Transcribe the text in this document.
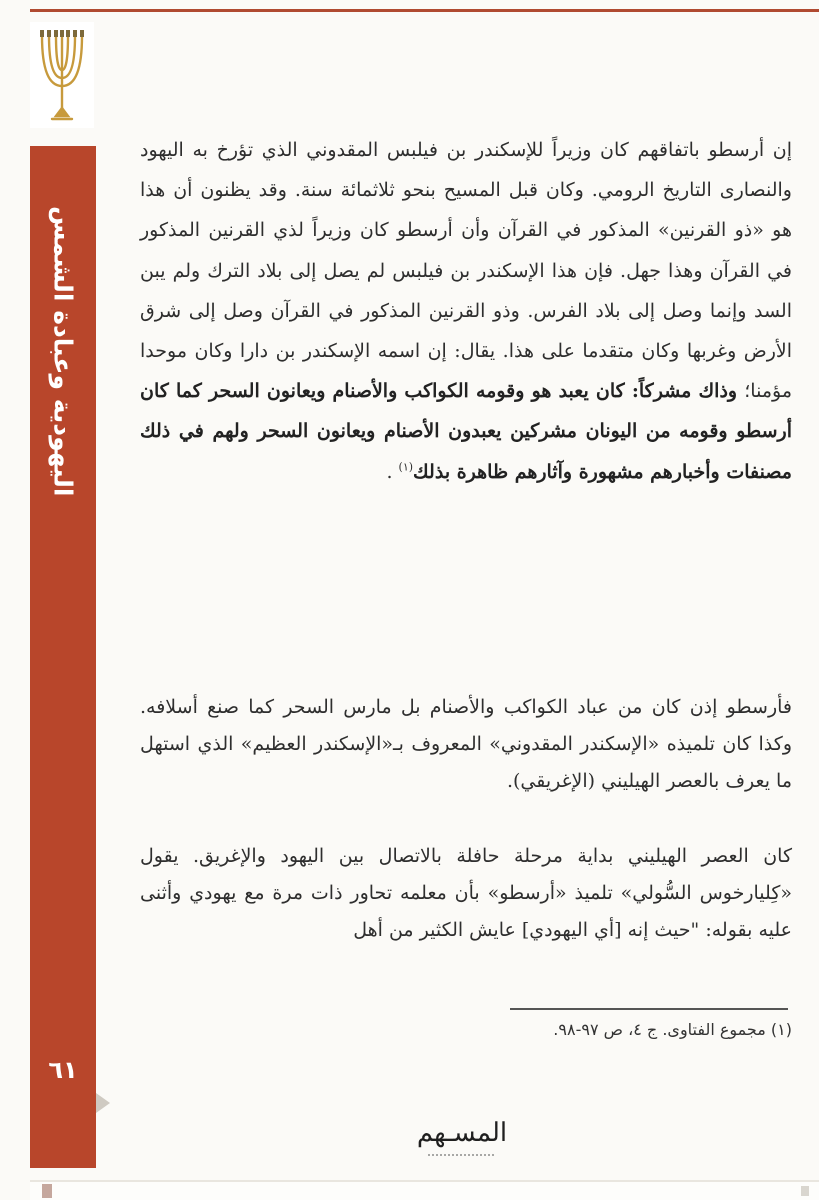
اليهودية وعبادة الشمس
٦١
إن أرسطو باتفاقهم كان وزيراً للإسكندر بن فيلبس المقدوني الذي تؤرخ به اليهود والنصارى التاريخ الرومي. وكان قبل المسيح بنحو ثلاثمائة سنة. وقد يظنون أن هذا هو «ذو القرنين» المذكور في القرآن وأن أرسطو كان وزيراً لذي القرنين المذكور في القرآن وهذا جهل. فإن هذا الإسكندر بن فيلبس لم يصل إلى بلاد الترك ولم يبن السد وإنما وصل إلى بلاد الفرس. وذو القرنين المذكور في القرآن وصل إلى شرق الأرض وغربها وكان متقدما على هذا. يقال: إن اسمه الإسكندر بن دارا وكان موحدا مؤمنا؛ وذاك مشركاً: كان يعبد هو وقومه الكواكب والأصنام ويعانون السحر كما كان أرسطو وقومه من اليونان مشركين يعبدون الأصنام ويعانون السحر ولهم في ذلك مصنفات وأخبارهم مشهورة وآثارهم ظاهرة بذلك$^{(١)}$ .
فأرسطو إذن كان من عباد الكواكب والأصنام بل مارس السحر كما صنع أسلافه. وكذا كان تلميذه «الإسكندر المقدوني» المعروف بـ«الإسكندر العظيم» الذي استهل ما يعرف بالعصر الهيليني (الإغريقي).
كان العصر الهيليني بداية مرحلة حافلة بالاتصال بين اليهود والإغريق. يقول «كِليارخوس السُّولي» تلميذ «أرسطو» بأن معلمه تحاور ذات مرة مع يهودي وأثنى عليه بقوله: "حيث إنه [أي اليهودي] عايش الكثير من أهل
(١) مجموع الفتاوى. ج ٤، ص ٩٧-٩٨.
المسـهم
